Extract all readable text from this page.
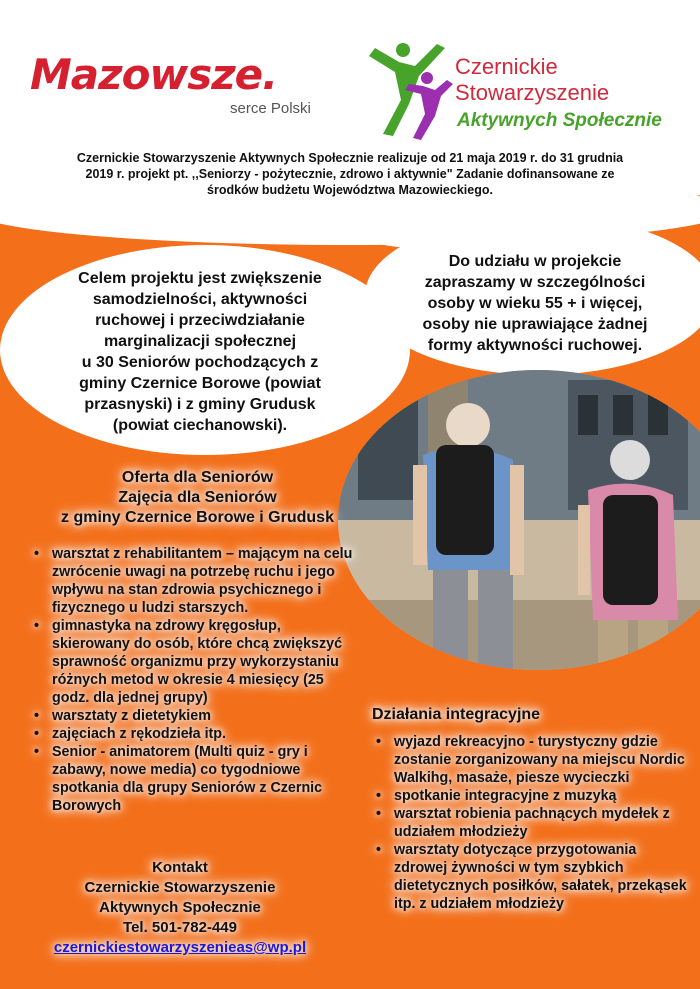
Mazowsze.
serce Polski
Czernickie
Stowarzyszenie
Aktywnych Społecznie
Czernickie Stowarzyszenie Aktywnych Społecznie realizuje od 21 maja 2019 r. do 31 grudnia
2019 r. projekt pt. ,,Seniorzy - pożytecznie, zdrowo i aktywnie" Zadanie dofinansowane ze
środków budżetu Województwa Mazowieckiego.
Celem projektu jest zwiększenie
samodzielności, aktywności
ruchowej i przeciwdziałanie
marginalizacji społecznej
u 30 Seniorów pochodzących z
gminy Czernice Borowe (powiat
przasnyski) i z gminy Grudusk
(powiat ciechanowski).
Do udziału w projekcie
zapraszamy w szczególności
osoby w wieku 55 + i więcej,
osoby nie uprawiające żadnej
formy aktywności ruchowej.
Oferta dla Seniorów
Zajęcia dla Seniorów
z gminy Czernice Borowe i Grudusk
• warsztat z rehabilitantem – mającym na celu zwrócenie uwagi na potrzebę ruchu i jego wpływu na stan zdrowia psychicznego i fizycznego u ludzi starszych.
• gimnastyka na zdrowy kręgosłup, skierowany do osób, które chcą zwiększyć sprawność organizmu przy wykorzystaniu różnych metod w okresie 4 miesięcy (25 godz. dla jednej grupy)
• warsztaty z dietetykiem
• zajęciach z rękodzieła itp.
• Senior - animatorem (Multi quiz - gry i zabawy, nowe media) co tygodniowe spotkania dla grupy Seniorów z Czernic Borowych
Działania integracyjne
• wyjazd rekreacyjno - turystyczny gdzie zostanie zorganizowany na miejscu Nordic Walkihg, masaże, piesze wycieczki
• spotkanie integracyjne z muzyką
• warsztat robienia pachnących mydełek z udziałem młodzieży
• warsztaty dotyczące przygotowania zdrowej żywności w tym szybkich dietetycznych posiłków, sałatek, przekąsek itp. z udziałem młodzieży
Kontakt
Czernickie Stowarzyszenie
Aktywnych Społecznie
Tel. 501-782-449
czernickiestowarzyszenieas@wp.pl
